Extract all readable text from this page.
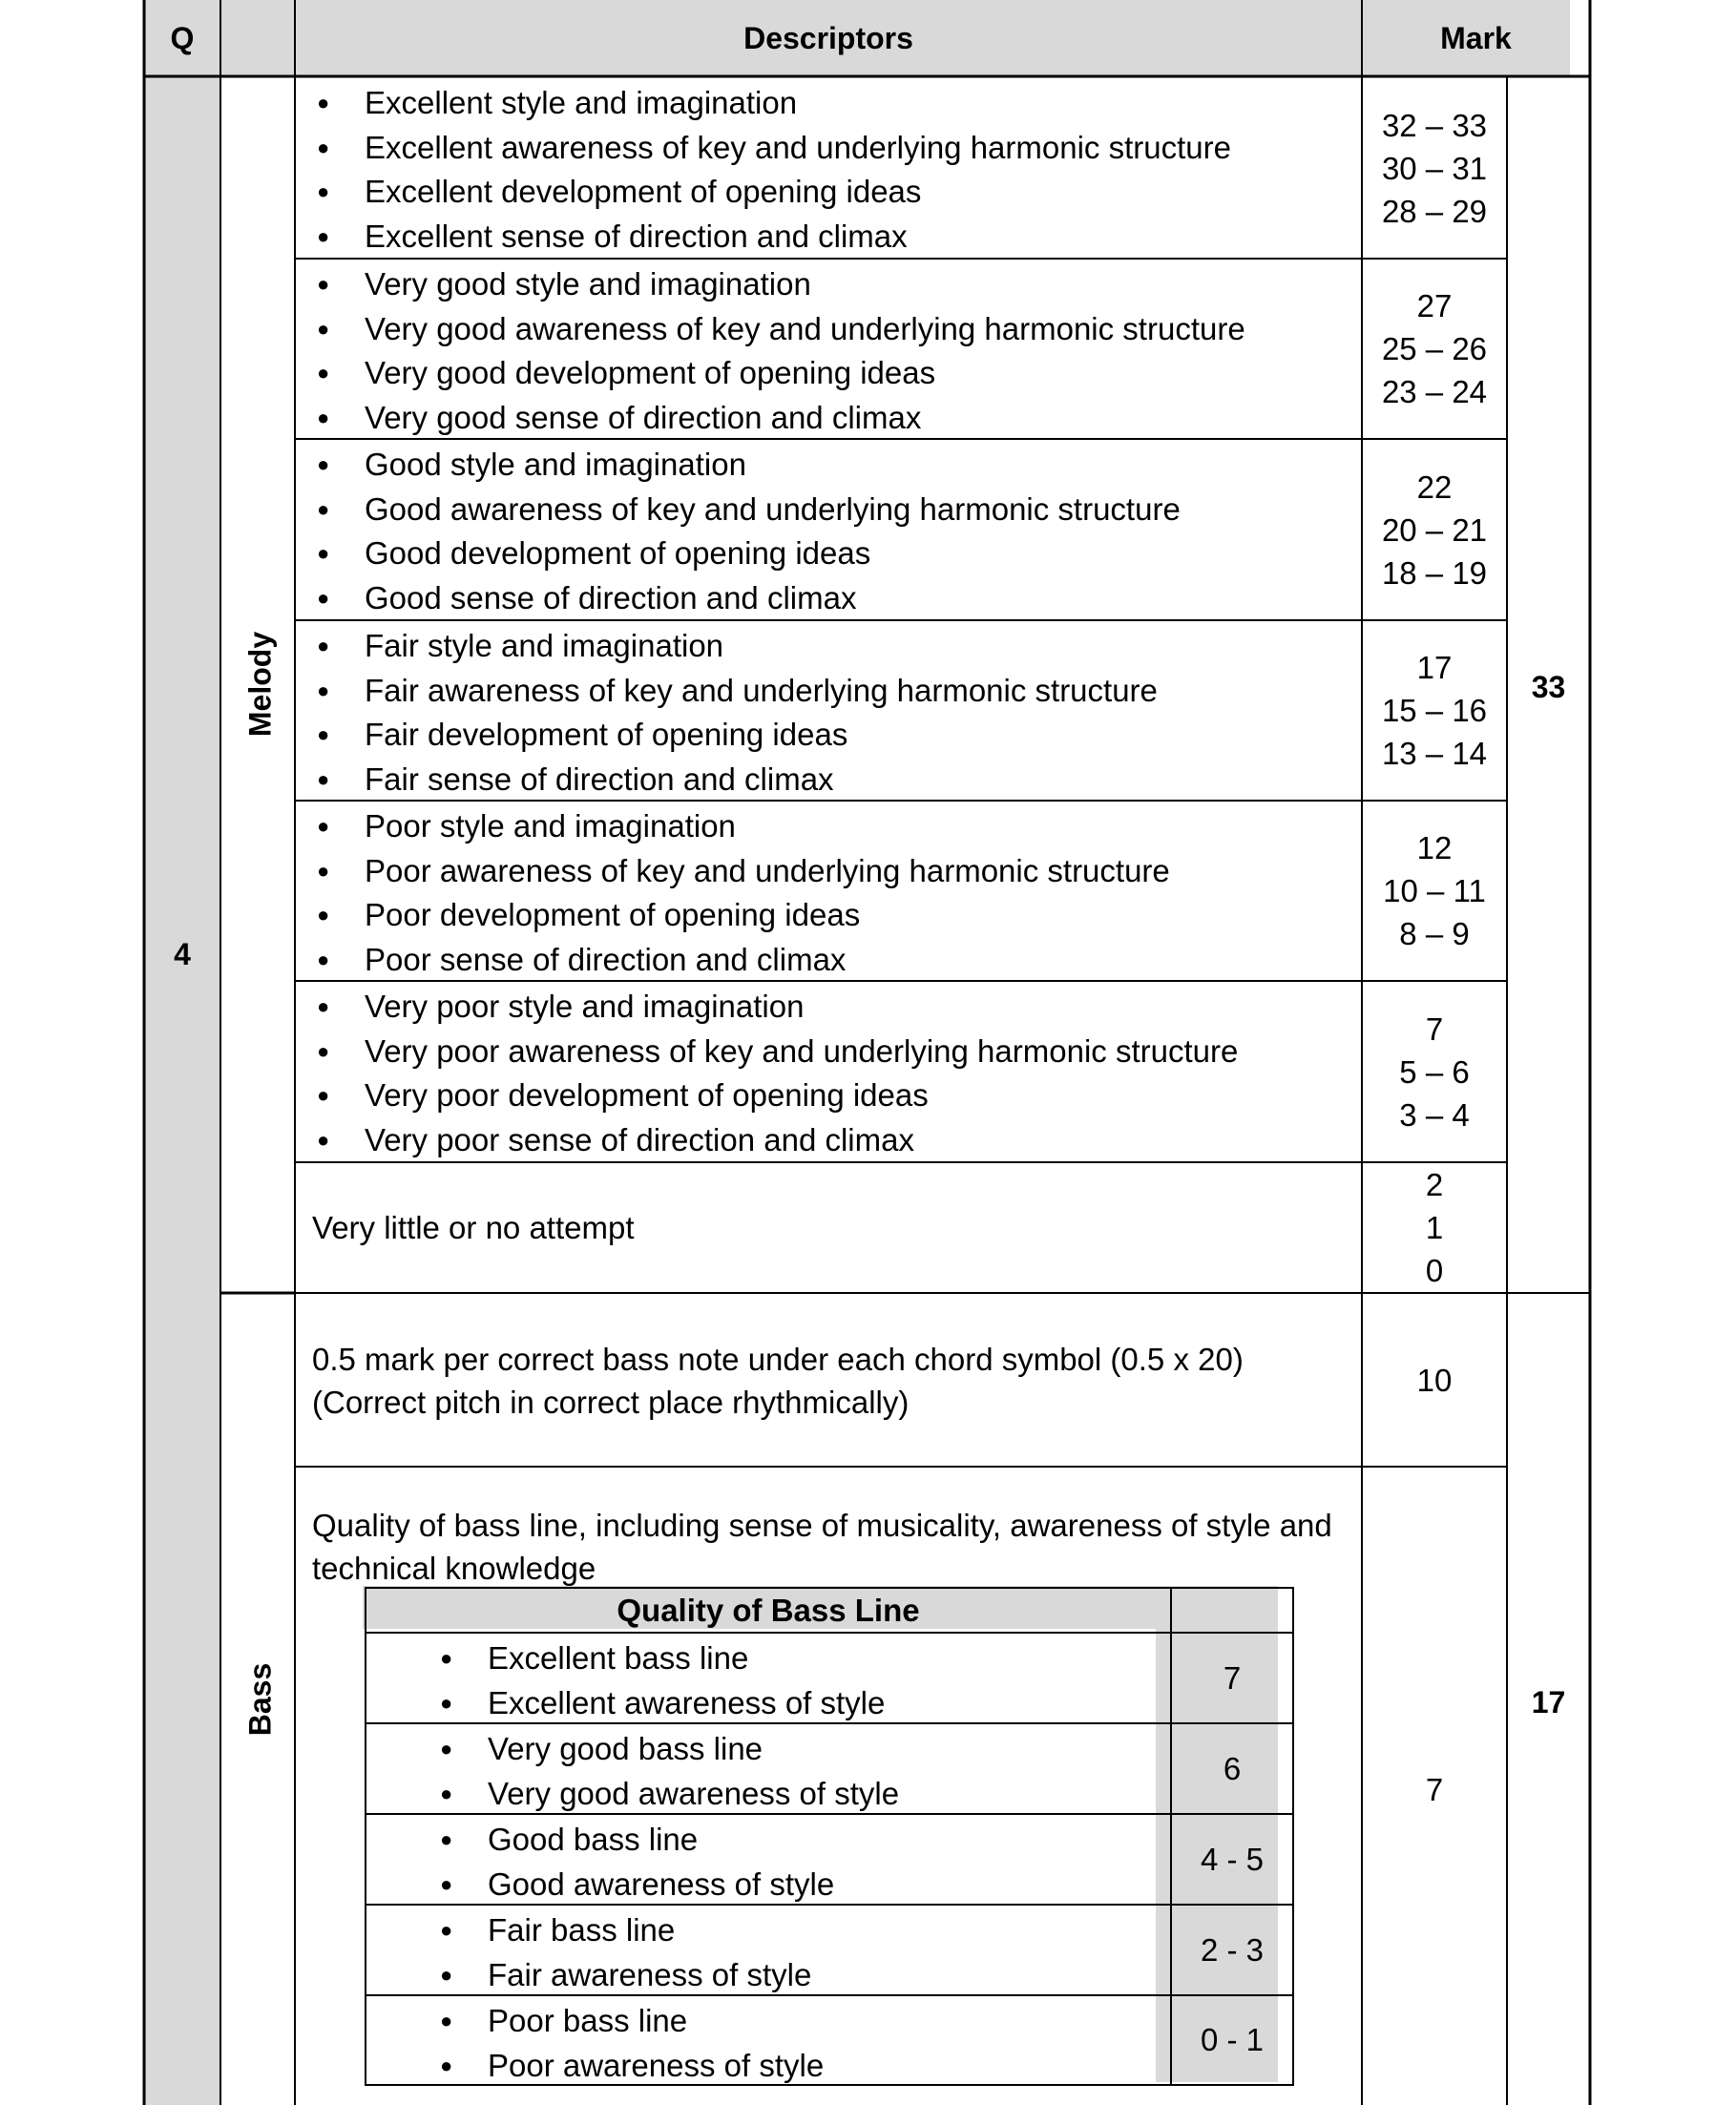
Q	Descriptors	Mark
4
Melody
Bass
33
17
● Excellent style and imagination
● Excellent awareness of key and underlying harmonic structure
● Excellent development of opening ideas
● Excellent sense of direction and climax
32 – 33
30 – 31
28 – 29
● Very good style and imagination
● Very good awareness of key and underlying harmonic structure
● Very good development of opening ideas
● Very good sense of direction and climax
27
25 – 26
23 – 24
● Good style and imagination
● Good awareness of key and underlying harmonic structure
● Good development of opening ideas
● Good sense of direction and climax
22
20 – 21
18 – 19
● Fair style and imagination
● Fair awareness of key and underlying harmonic structure
● Fair development of opening ideas
● Fair sense of direction and climax
17
15 – 16
13 – 14
● Poor style and imagination
● Poor awareness of key and underlying harmonic structure
● Poor development of opening ideas
● Poor sense of direction and climax
12
10 – 11
8 – 9
● Very poor style and imagination
● Very poor awareness of key and underlying harmonic structure
● Very poor development of opening ideas
● Very poor sense of direction and climax
7
5 – 6
3 – 4
Very little or no attempt
2
1
0
0.5 mark per correct bass note under each chord symbol (0.5 x 20)
(Correct pitch in correct place rhythmically)
10
Quality of bass line, including sense of musicality, awareness of style and
technical knowledge
7
Quality of Bass Line
● Excellent bass line
● Excellent awareness of style
7
● Very good bass line
● Very good awareness of style
6
● Good bass line
● Good awareness of style
4 - 5
● Fair bass line
● Fair awareness of style
2 - 3
● Poor bass line
● Poor awareness of style
0 - 1
